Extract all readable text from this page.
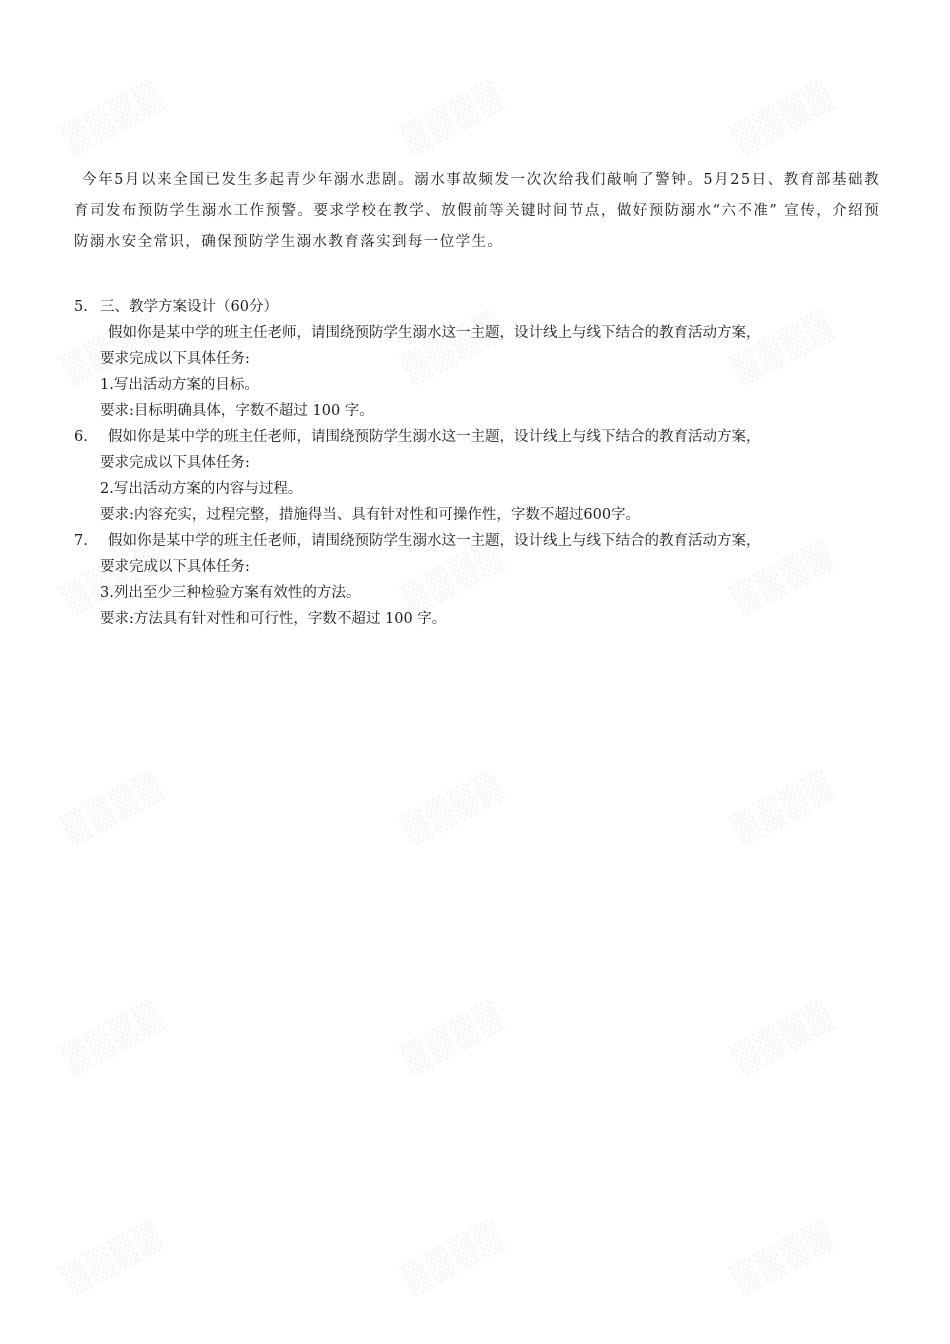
今年5月以来全国已发生多起青少年溺水悲剧。溺水事故频发一次次给我们敲响了警钟。5月25日、教育部基础教育司发布预防学生溺水工作预警。要求学校在教学、放假前等关键时间节点，做好预防溺水“六不准” 宣传，介绍预防溺水安全常识，确保预防学生溺水教育落实到每一位学生。

5. 三、教学方案设计（60分）
假如你是某中学的班主任老师，请围绕预防学生溺水这一主题，设计线上与线下结合的教育活动方案，
要求完成以下具体任务:
1.写出活动方案的目标。
要求:目标明确具体，字数不超过 100 字。
6.	假如你是某中学的班主任老师，请围绕预防学生溺水这一主题，设计线上与线下结合的教育活动方案，
要求完成以下具体任务:
2.写出活动方案的内容与过程。
要求:内容充实，过程完整，措施得当、具有针对性和可操作性，字数不超过600字。
7.	假如你是某中学的班主任老师，请围绕预防学生溺水这一主题，设计线上与线下结合的教育活动方案，
要求完成以下具体任务:
3.列出至少三种检验方案有效性的方法。
要求:方法具有针对性和可行性，字数不超过 100 字。
